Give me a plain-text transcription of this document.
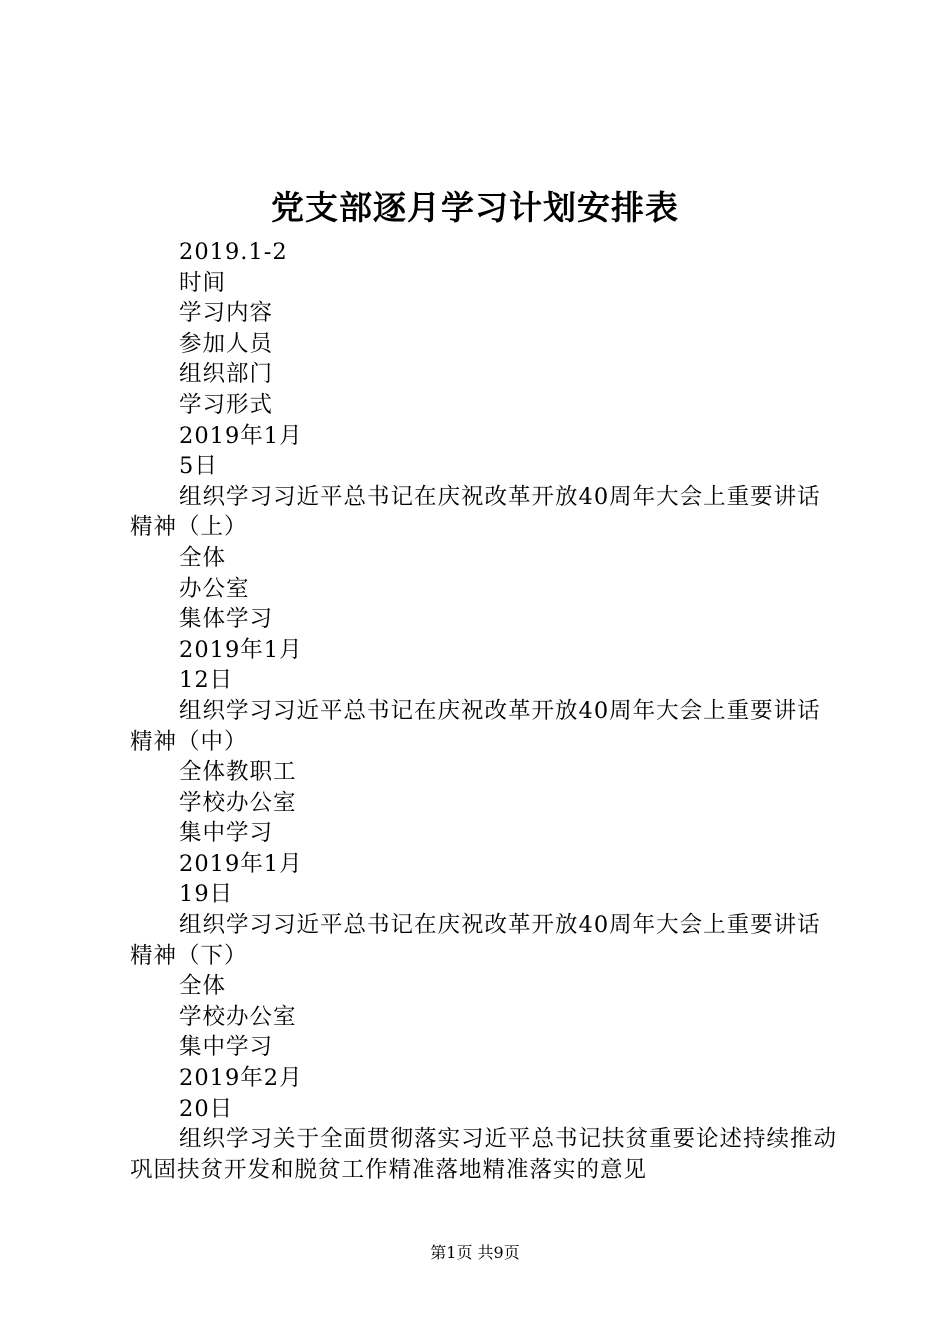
党支部逐月学习计划安排表

2019.1-2

时间

学习内容

参加人员

组织部门

学习形式

2019年1月

5日

组织学习习近平总书记在庆祝改革开放40周年大会上重要讲话精神（上）

全体

办公室

集体学习

2019年1月

12日

组织学习习近平总书记在庆祝改革开放40周年大会上重要讲话精神（中）

全体教职工

学校办公室

集中学习

2019年1月

19日

组织学习习近平总书记在庆祝改革开放40周年大会上重要讲话精神（下）

全体

学校办公室

集中学习

2019年2月

20日

组织学习关于全面贯彻落实习近平总书记扶贫重要论述持续推动巩固扶贫开发和脱贫工作精准落地精准落实的意见

第1页 共9页
